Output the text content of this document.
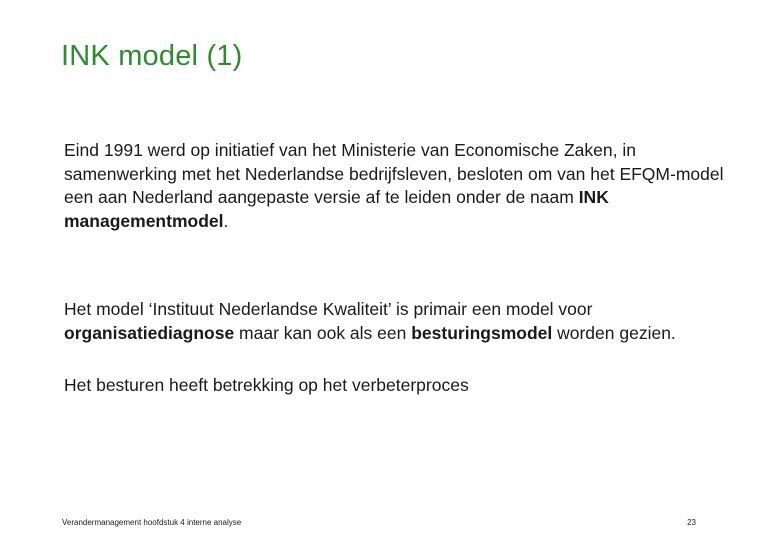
INK model (1)

Eind 1991 werd op initiatief van het Ministerie van Economische Zaken, in samenwerking met het Nederlandse bedrijfsleven, besloten om van het EFQM-model een aan Nederland aangepaste versie af te leiden onder de naam INK managementmodel.

Het model ‘Instituut Nederlandse Kwaliteit’ is primair een model voor organisatiediagnose maar kan ook als een besturingsmodel worden gezien.

Het besturen heeft betrekking op het verbeterproces

Verandermanagement hoofdstuk 4 interne analyse	23
